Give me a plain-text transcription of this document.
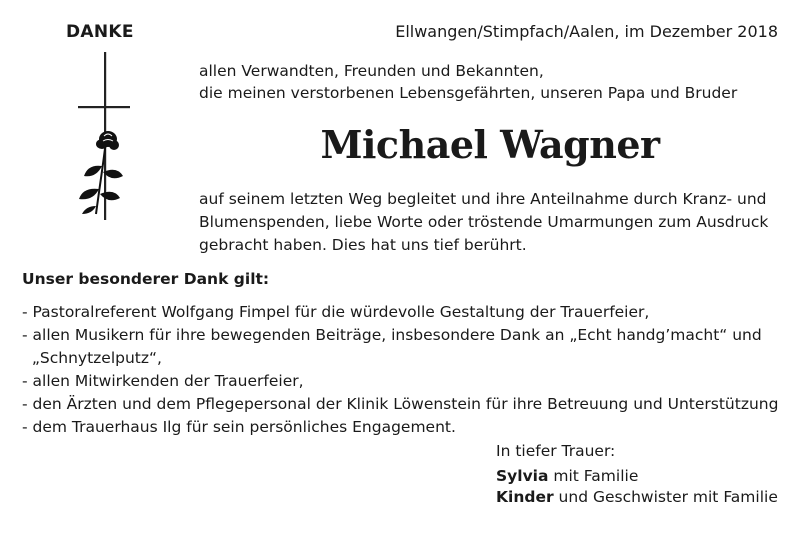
DANKE	Ellwangen/Stimpfach/Aalen, im Dezember 2018
allen Verwandten, Freunden und Bekannten,
die meinen verstorbenen Lebensgefährten, unseren Papa und Bruder
Michael Wagner
auf seinem letzten Weg begleitet und ihre Anteilnahme durch Kranz- und
Blumenspenden, liebe Worte oder tröstende Umarmungen zum Ausdruck
gebracht haben. Dies hat uns tief berührt.
Unser besonderer Dank gilt:
- Pastoralreferent Wolfgang Fimpel für die würdevolle Gestaltung der Trauerfeier,
- allen Musikern für ihre bewegenden Beiträge, insbesondere Dank an „Echt handg’macht“ und
„Schnytzelputz“,
- allen Mitwirkenden der Trauerfeier,
- den Ärzten und dem Pflegepersonal der Klinik Löwenstein für ihre Betreuung und Unterstützung
- dem Trauerhaus Ilg für sein persönliches Engagement.
In tiefer Trauer:
Sylvia mit Familie
Kinder und Geschwister mit Familie
